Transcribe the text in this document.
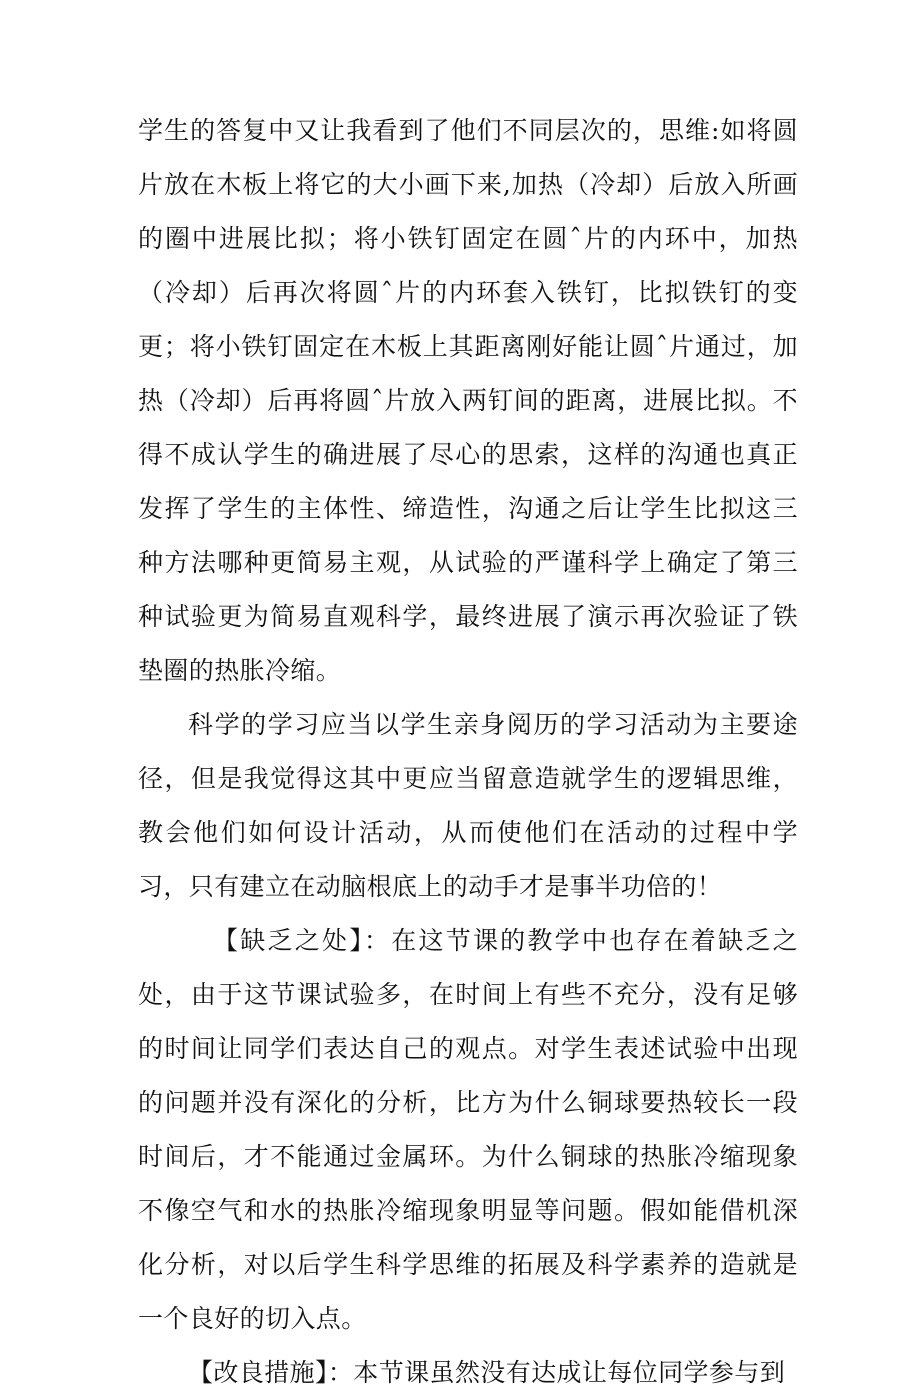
学生的答复中又让我看到了他们不同层次的，思维:如将圆片放在木板上将它的大小画下来,加热（冷却）后放入所画的圈中进展比拟；将小铁钉固定在圆ˆ片的内环中，加热（冷却）后再次将圆ˆ片的内环套入铁钉，比拟铁钉的变更；将小铁钉固定在木板上其距离刚好能让圆ˆ片通过，加热（冷却）后再将圆ˆ片放入两钉间的距离，进展比拟。不得不成认学生的确进展了尽心的思索，这样的沟通也真正发挥了学生的主体性、缔造性，沟通之后让学生比拟这三种方法哪种更简易主观，从试验的严谨科学上确定了第三种试验更为简易直观科学，最终进展了演示再次验证了铁垫圈的热胀冷缩。

科学的学习应当以学生亲身阅历的学习活动为主要途径，但是我觉得这其中更应当留意造就学生的逻辑思维，教会他们如何设计活动，从而使他们在活动的过程中学习，只有建立在动脑根底上的动手才是事半功倍的！

【缺乏之处】：在这节课的教学中也存在着缺乏之处，由于这节课试验多，在时间上有些不充分，没有足够的时间让同学们表达自己的观点。对学生表述试验中出现的问题并没有深化的分析，比方为什么铜球要热较长一段时间后，才不能通过金属环。为什么铜球的热胀冷缩现象不像空气和水的热胀冷缩现象明显等问题。假如能借机深化分析，对以后学生科学思维的拓展及科学素养的造就是一个良好的切入点。

【改良措施】：本节课虽然没有达成让每位同学参与到
